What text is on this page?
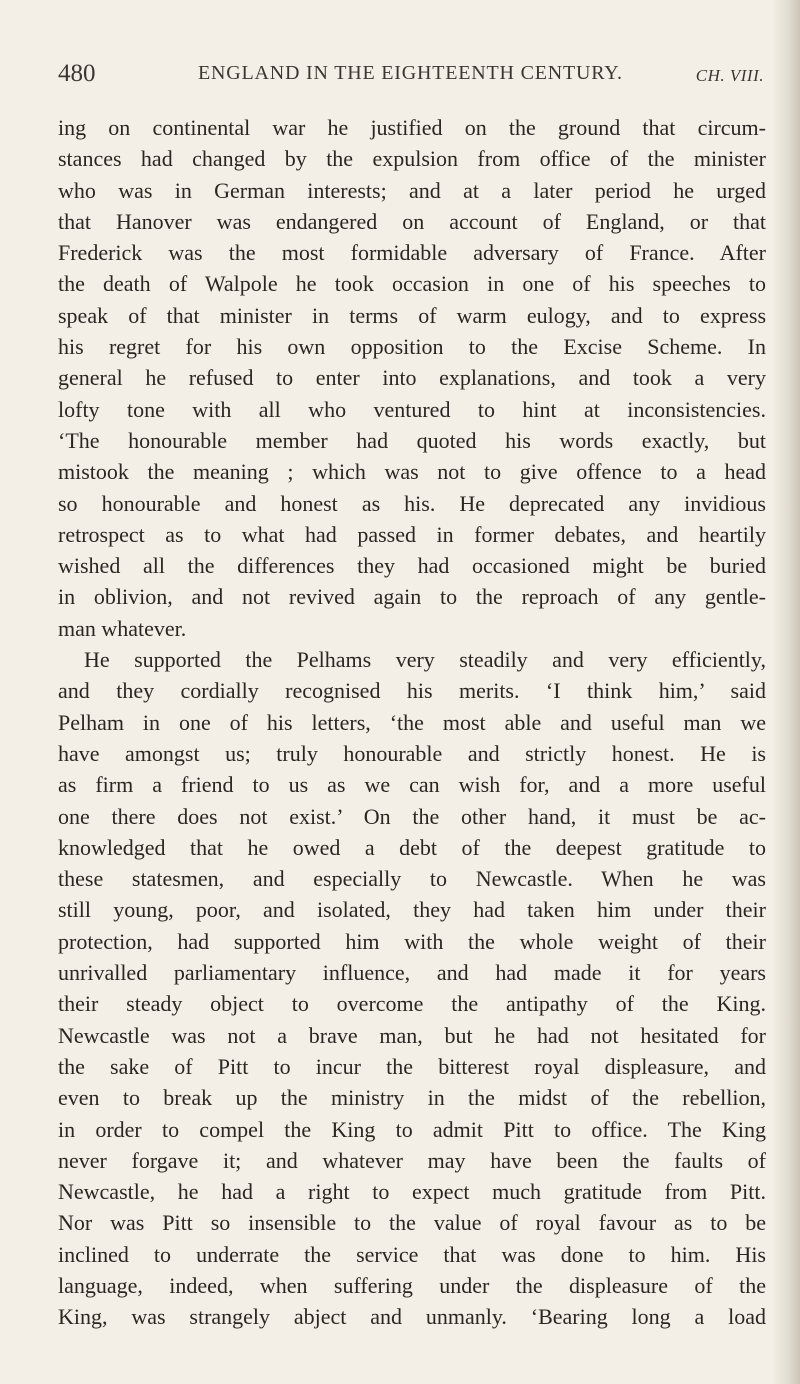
480	ENGLAND IN THE EIGHTEENTH CENTURY.	CH. VIII.
ing on continental war he justified on the ground that circum-
stances had changed by the expulsion from office of the minister
who was in German interests; and at a later period he urged
that Hanover was endangered on account of England, or that
Frederick was the most formidable adversary of France. After
the death of Walpole he took occasion in one of his speeches to
speak of that minister in terms of warm eulogy, and to express
his regret for his own opposition to the Excise Scheme. In
general he refused to enter into explanations, and took a very
lofty tone with all who ventured to hint at inconsistencies.
‘The honourable member had quoted his words exactly, but
mistook the meaning ; which was not to give offence to a head
so honourable and honest as his. He deprecated any invidious
retrospect as to what had passed in former debates, and heartily
wished all the differences they had occasioned might be buried
in oblivion, and not revived again to the reproach of any gentle-
man whatever.
He supported the Pelhams very steadily and very efficiently,
and they cordially recognised his merits. ‘I think him,’ said
Pelham in one of his letters, ‘the most able and useful man we
have amongst us; truly honourable and strictly honest. He is
as firm a friend to us as we can wish for, and a more useful
one there does not exist.’ On the other hand, it must be ac-
knowledged that he owed a debt of the deepest gratitude to
these statesmen, and especially to Newcastle. When he was
still young, poor, and isolated, they had taken him under their
protection, had supported him with the whole weight of their
unrivalled parliamentary influence, and had made it for years
their steady object to overcome the antipathy of the King.
Newcastle was not a brave man, but he had not hesitated for
the sake of Pitt to incur the bitterest royal displeasure, and
even to break up the ministry in the midst of the rebellion,
in order to compel the King to admit Pitt to office. The King
never forgave it; and whatever may have been the faults of
Newcastle, he had a right to expect much gratitude from Pitt.
Nor was Pitt so insensible to the value of royal favour as to be
inclined to underrate the service that was done to him. His
language, indeed, when suffering under the displeasure of the
King, was strangely abject and unmanly. ‘Bearing long a load
